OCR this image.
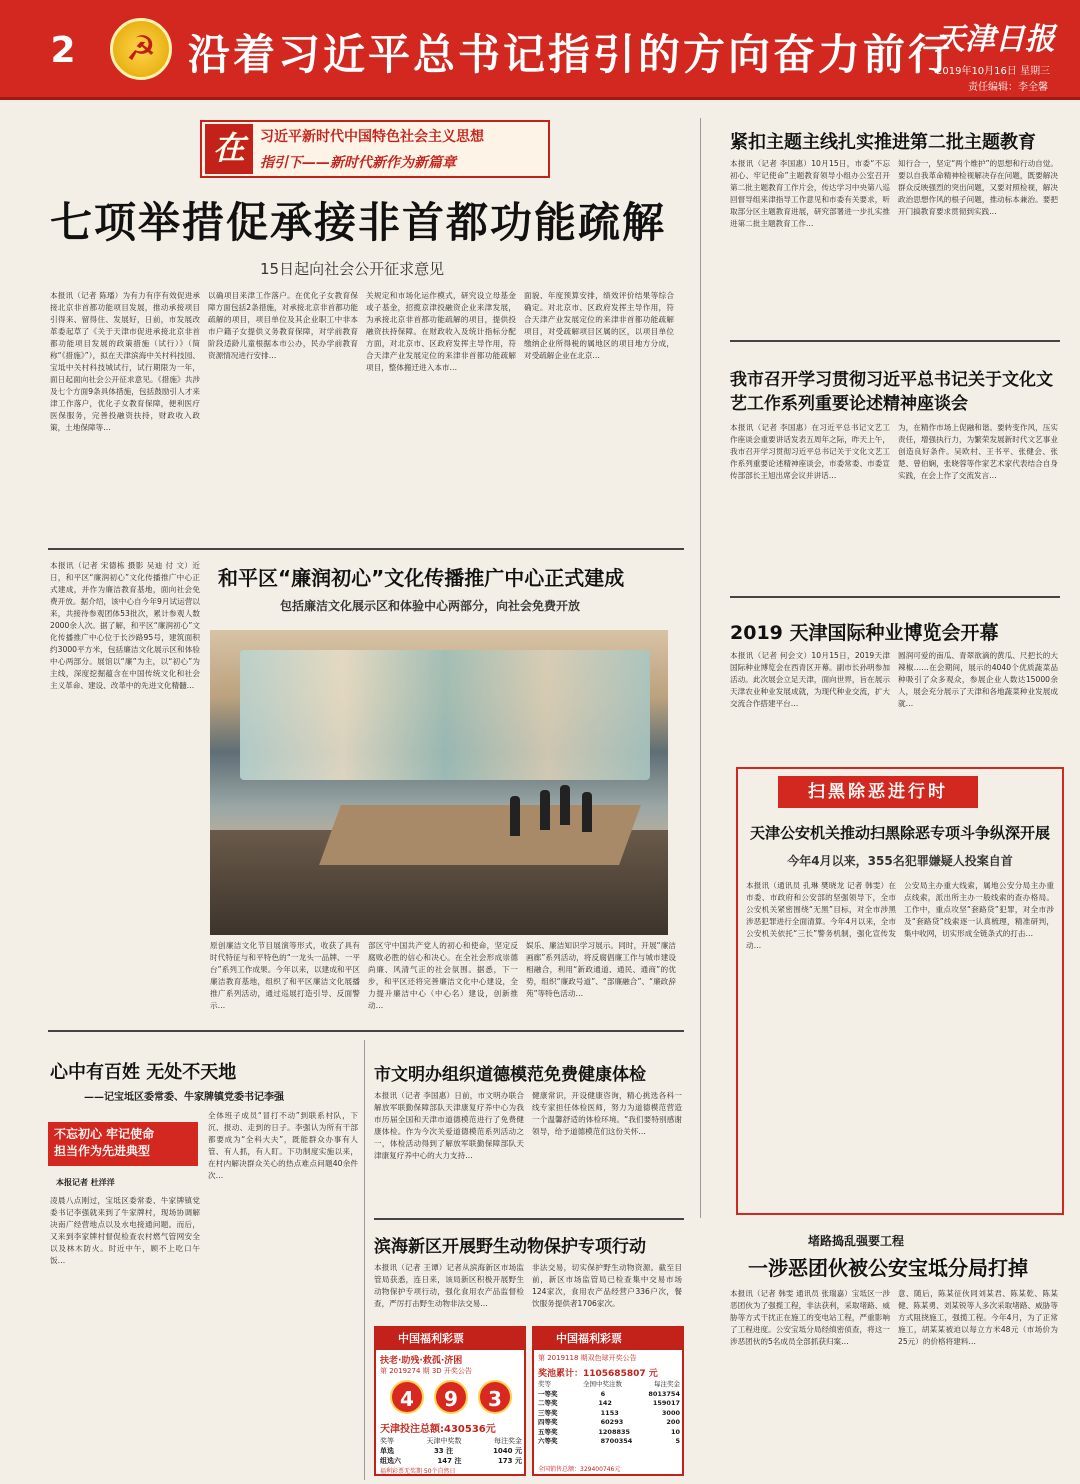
2	☭ 沿着习近平总书记指引的方向奋力前行
天津日报
2019年10月16日 星期三
责任编辑：李全馨
在	习近平新时代中国特色社会主义思想
指引下——新时代新作为新篇章
七项举措促承接非首都功能疏解
15日起向社会公开征求意见
本报讯（记者 陈璠）为有力有序有效促进承接北京非首都功能项目发展，推动承接项目引得来、留得住、发展好，日前，市发展改革委起草了《关于天津市促进承接北京非首都功能项目发展的政策措施（试行）》（简称“《措施》”），拟在天津滨海中关村科技园、宝坻中关村科技城试行，试行期限为一年，面日起面向社会公开征求意见。《措施》共涉及七个方面9条具体措施，包括鼓励引人才来津工作落户，优化子女教育保障，便利医疗医保服务，完善投融资扶持，财政收入政策，土地保障等…
以确项目来津工作落户。在优化子女教育保障方面包括2条措施，对承接北京非首都功能疏解的项目，项目单位及其企业职工中非本市户籍子女提供义务教育保障，对学前教育阶段适龄儿童根据本市公办，民办学前教育资源情况进行安排…
关规定和市场化运作模式，研究设立母基金或子基金，招揽京津投融资企业来津发展，为承接北京非首都功能疏解的项目，提供投融资扶持保障。在财政收入及统计指标分配方面，对北京市、区政府发挥主导作用，符合天津产业发展定位的来津非首都功能疏解项目，整体搬迁进入本市…
面貌、年度预算安排，绩效评价结果等综合确定。对北京市、区政府发挥主导作用，符合天津产业发展定位的来津非首都功能疏解项目，对受疏解项目区属的区，以项目单位缴纳企业所得税的属地区的项目地方分成，对受疏解企业在北京…
紧扣主题主线扎实推进第二批主题教育
本报讯（记者 李国惠）10月15日，市委“不忘初心、牢记使命”主题教育领导小组办公室召开第二批主题教育工作片会，传达学习中央第八巡回督导组来津指导工作意见和市委有关要求，听取部分区主题教育进展，研究部署进一步扎实推进第二批主题教育工作…
知行合一，坚定“两个维护”的思想和行动自觉。要以自我革命精神检视解决存在问题，既要解决群众反映强烈的突出问题，又要对照检视，解决政治思想作风的根子问题，推动标本兼治。要把开门搞教育要求贯彻到实践…
我市召开学习贯彻习近平总书记关于文化文艺工作系列重要论述精神座谈会
本报讯（记者 李国惠）在习近平总书记文艺工作座谈会重要讲话发表五周年之际，昨天上午，我市召开学习贯彻习近平总书记关于文化文艺工作系列重要论述精神座谈会，市委常委、市委宣传部部长王旭出席会议并讲话…
为，在精作市场上促融和谐。要转变作风，压实责任，增强执行力，为繁荣发展新时代文艺事业创造良好条件。吴欧村、王书平、张健会、张楚、曾伯娴，张晓蓉等作家艺术家代表结合自身实践，在会上作了交流发言…
2019 天津国际种业博览会开幕
本报讯（记者 何会文）10月15日，2019天津国际种业博览会在西青区开幕。副市长孙明参加活动。此次展会立足天津，面向世界，旨在展示天津农业种业发展成就，为现代种业交流，扩大交流合作搭建平台…
圆润可爱的南瓜、青翠欲滴的黄瓜、尺把长的大辣椒……在会期间，展示的4040个优质蔬菜品种吸引了众多观众，参展企业人数达15000余人，展会充分展示了天津和各地蔬菜种业发展成就…
本报讯（记者 宋德栋 摄影 吴迪 付 文）近日，和平区“廉润初心”文化传播推广中心正式建成，并作为廉洁教育基地，面向社会免费开放。据介绍，该中心自今年9月试运营以来，共接待参观团体53批次，累计参观人数2000余人次。据了解，和平区“廉润初心”文化传播推广中心位于长沙路95号，建筑面积约3000平方米，包括廉洁文化展示区和体验中心两部分。展馆以“廉”为主，以“初心”为主线，深度挖掘蕴含在中国传统文化和社会主义革命、建设、改革中的先进文化精髓…
和平区“廉润初心”文化传播推广中心正式建成
包括廉洁文化展示区和体验中心两部分，向社会免费开放
原创廉洁文化节目展演等形式，收获了具有时代特征与和平特色的“一龙头一品牌、一平台”系列工作成果。今年以来，以建成和平区廉洁教育基地，组织了和平区廉洁文化展播推广系列活动，通过巡展打造引导、反面警示…
部区守中国共产党人的初心和使命，坚定反腐败必胜的信心和决心。在全社会形成崇德尚廉、风清气正的社会氛围。据悉，下一步，和平区还将完善廉洁文化中心建设，全力提升廉洁中心（中心名）建设，创新推动…
娱乐、廉洁知识学习展示。同时，开展“廉洁画廊”系列活动，将反腐倡廉工作与城市建设相融合，利用“新政通道、通民、通商”的优势，组织“廉政号道”、“部廉融合”、“廉政辞苑”等特色活动…
心中有百姓 无处不天地
——记宝坻区委常委、牛家牌镇党委书记李强
不忘初心 牢记使命
担当作为先进典型
本报记者 杜洋洋
凌晨八点刚过，宝坻区委常委、牛家牌镇党委书记李强就来到了牛家牌村，现场协调解决南广经营地点以及水电接通问题。而后，又来到李家牌村督促检查农村燃气管网安全以及林木防火。时近中午，顾不上吃口午饭…
全体班子成员“冒打不动”到联系村队，下沉、报动、走到的日子。李强认为所有干部都要成为“全科大夫”，既能群众办事有人管、有人抓，有人盯。下功制度实施以来，在村内解决群众关心的热点难点问题40余件次…
市文明办组织道德模范免费健康体检
本报讯（记者 李国惠）日前，市文明办联合解放军联勤保障部队天津康复疗养中心为我市历届全国和天津市道德模范进行了免费健康体检。作为今次关爱道德模范系列活动之一，体检活动得到了解放军联勤保障部队天津康复疗养中心的大力支持…
健康常识，开设健康咨询，精心挑选各科一线专家担任体检医师，努力为道德模范营造一个温馨舒适的体检环境。“我们要特别感谢领导，给予道德模范们这份关怀…
滨海新区开展野生动物保护专项行动
本报讯（记者 王谭）记者从滨海新区市场监管局获悉，连日来，该局新区积极开展野生动物保护专项行动，强化食用农产品监督检查，严厉打击野生动物非法交易…
非法交易，切实保护野生动物资源。截至目前，新区市场监管局已检查集中交易市场124家次，食用农产品经营户336户次，餐饮服务提供者1706家次。
中国福利彩票
扶老·助残·救孤·济困
第 2019274 期 3D 开奖公告
4	9	3
天津投注总额:430536元
奖等	天津中奖数	每注奖金
单选	33 注	1040 元
组选六	147 注	173 元
福利彩票无奖期 50个自然日
中国福利彩票
第 2019118 期双色球开奖公告
奖池累计：1105685807 元
奖等	全国中奖注数	每注奖金
一等奖	6	8013754
二等奖	142	159017
三等奖	1153	3000
四等奖	60293	200
五等奖	1208835	10
六等奖	8700354	5
全国销售总额：329400746元
扫黑除恶进行时
天津公安机关推动扫黑除恶专项斗争纵深开展
今年4月以来，355名犯罪嫌疑人投案自首
本报讯（通讯员 孔琳 樊晓龙 记者 韩雯）在市委、市政府和公安部的坚强领导下，全市公安机关紧密围绕“无黑”目标，对全市涉黑涉恶犯罪进行全面清算。今年4月以来，全市公安机关依托“三长”警务机制，强化宣传发动…
公安局主办重大线索，属地公安分局主办重点线索，派出所主办一般线索的查办格局。工作中，重点攻坚“套路贷”犯罪，对全市涉及“套路贷”线索逐一认真梳理，精准研判，集中收网，切实形成全链条式的打击…
堵路捣乱强要工程
一涉恶团伙被公安宝坻分局打掉
本报讯（记者 韩雯 通讯员 张瑞嘉）宝坻区一涉恶团伙为了强揽工程，非法获利，采取堵路、威胁等方式干扰正在施工的变电站工程，严重影响了工程进度。公安宝坻分局经缜密侦查，将这一涉恶团伙的5名成员全部抓获归案…
意、随后，陈某征伙同刘某君、陈某乾、陈某健、陈某勇、刘某锐等人多次采取堵路、威胁等方式阻挠施工，强揽工程。今年4月，为了正常施工，胡某某被迫以每立方米48元（市场价为25元）的价格将建料…
